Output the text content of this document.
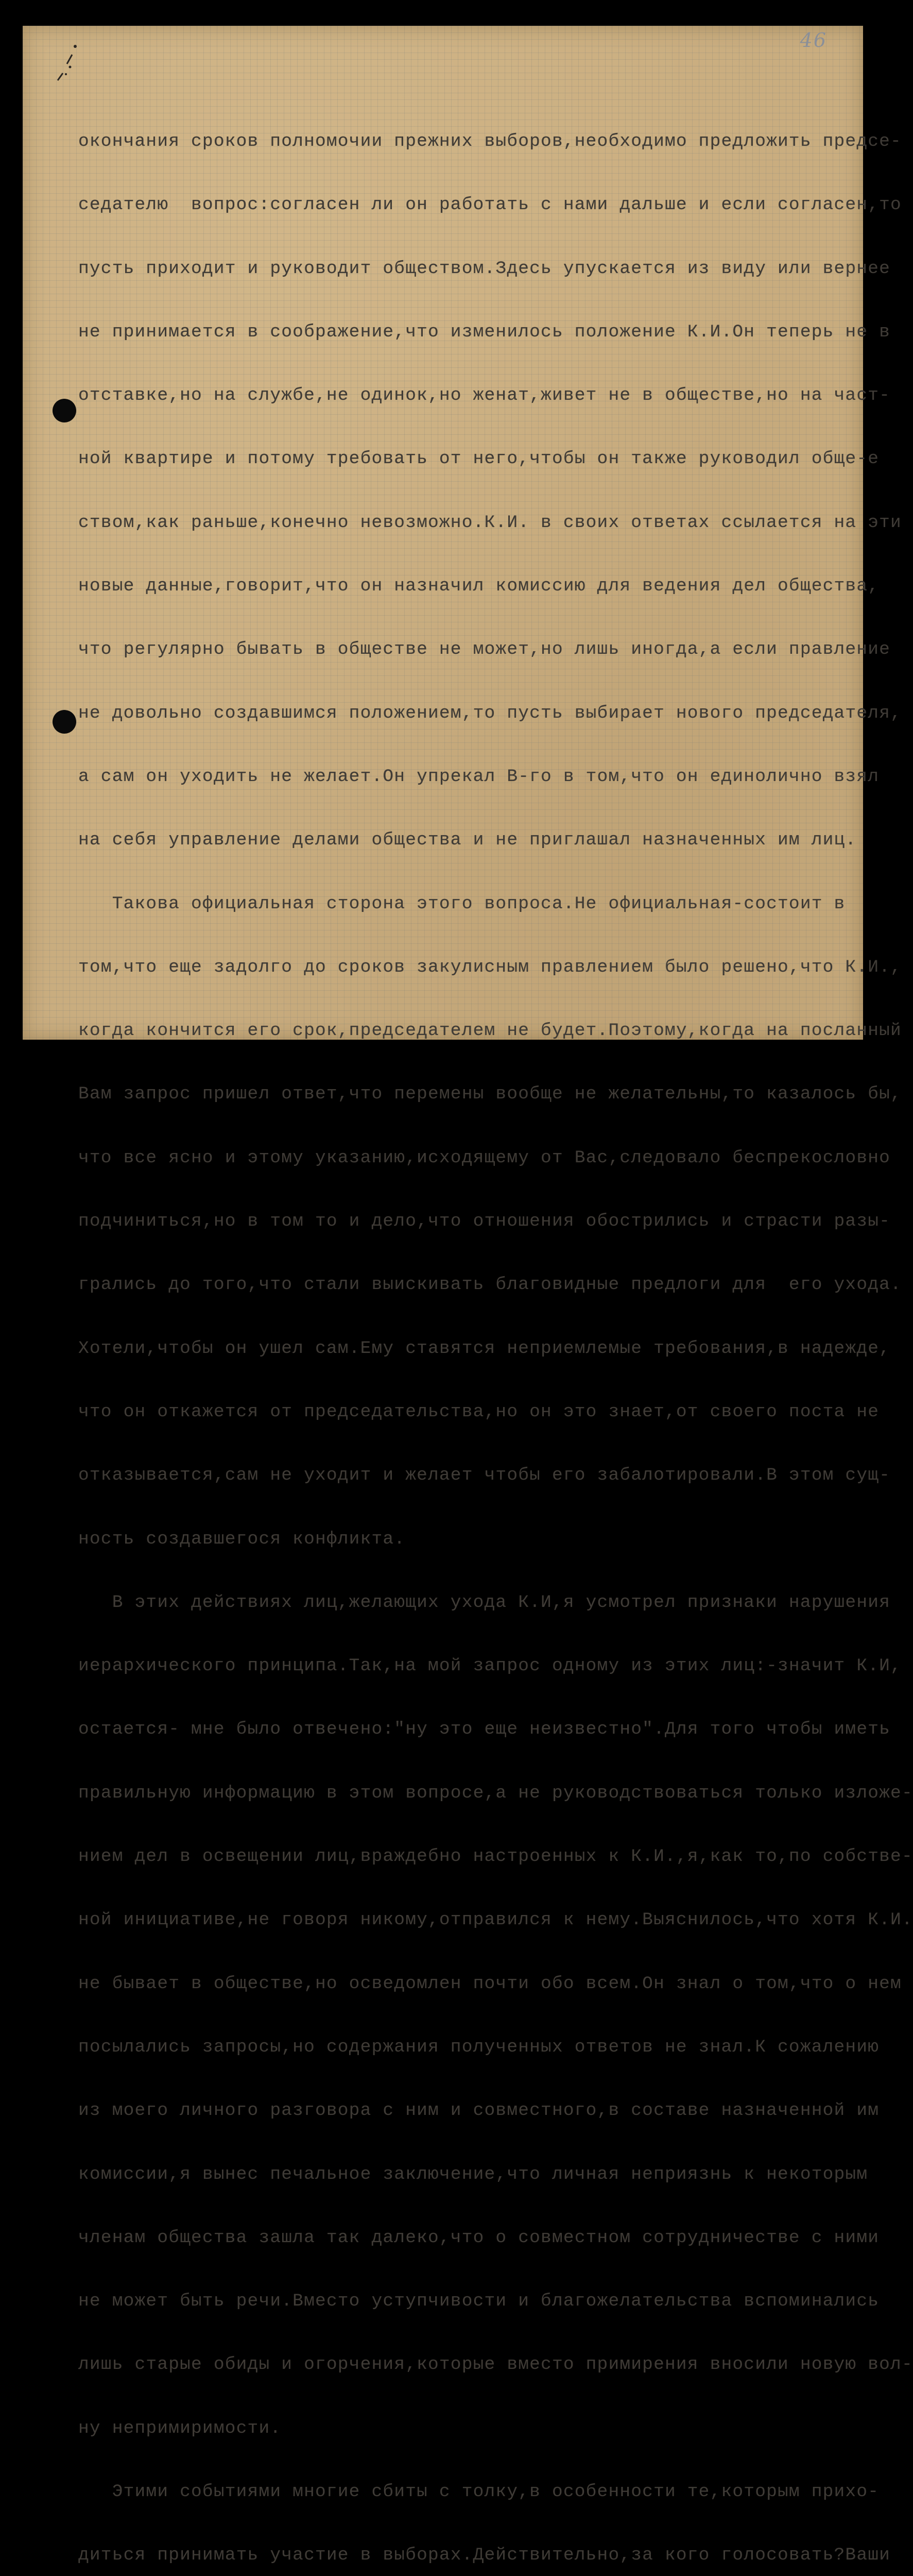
46

окончания сроков полномочии прежних выборов,необходимо предложить предсе-

седателю  вопрос:согласен ли он работать с нами дальше и если согласен,то

пусть приходит и руководит обществом.Здесь упускается из виду или вернее

не принимается в соображение,что изменилось положение К.И.Он теперь не в

отставке,но на службе,не одинок,но женат,живет не в обществе,но на част-

ной квартире и потому требовать от него,чтобы он также руководил обще-е

ством,как раньше,конечно невозможно.К.И. в своих ответах ссылается на эти

новые данные,говорит,что он назначил комиссию для ведения дел общества,

что регулярно бывать в обществе не может,но лишь иногда,а если правление

не довольно создавшимся положением,то пусть выбирает нового председателя,

а сам он уходить не желает.Он упрекал В-го в том,что он единолично взял

на себя управление делами общества и не приглашал назначенных им лиц.

Такова официальная сторона этого вопроса.Не официальная-состоит в

том,что еще задолго до сроков закулисным правлением было решено,что К.И.,

когда кончится его срок,председателем не будет.Поэтому,когда на посланный

Вам запрос пришел ответ,что перемены вообще не желательны,то казалось бы,

что все ясно и этому указанию,исходящему от Вас,следовало беспрекословно

подчиниться,но в том то и дело,что отношения обострились и страсти разы-

грались до того,что стали выискивать благовидные предлоги для  его ухода.

Хотели,чтобы он ушел сам.Ему ставятся неприемлемые требования,в надежде,

что он откажется от председательства,но он это знает,от своего поста не

отказывается,сам не уходит и желает чтобы его забалотировали.В этом сущ-

ность создавшегося конфликта.

В этих действиях лиц,желающих ухода К.И,я усмотрел признаки нарушения

иерархического принципа.Так,на мой запрос одному из этих лиц:-значит К.И,

остается- мне было отвечено:"ну это еще неизвестно".Для того чтобы иметь

правильную информацию в этом вопросе,а не руководствоваться только изложе-

нием дел в освещении лиц,враждебно настроенных к К.И.,я,как то,по собстве-

ной инициативе,не говоря никому,отправился к нему.Выяснилось,что хотя К.И.

не бывает в обществе,но осведомлен почти обо всем.Он знал о том,что о нем

посылались запросы,но содержания полученных ответов не знал.К сожалению

из моего личного разговора с ним и совместного,в составе назначенной им

комиссии,я вынес печальное заключение,что личная неприязнь к некоторым

членам общества зашла так далеко,что о совместном сотрудничестве с ними

не может быть речи.Вместо уступчивости и благожелательства вспоминались

лишь старые обиды и огорчения,которые вместо примирения вносили новую вол-

ну непримиримости.

Этими событиями многие сбиты с толку,в особенности те,которым прихо-

диться принимать участие в выборах.Действительно,за кого голосовать?Ваши
